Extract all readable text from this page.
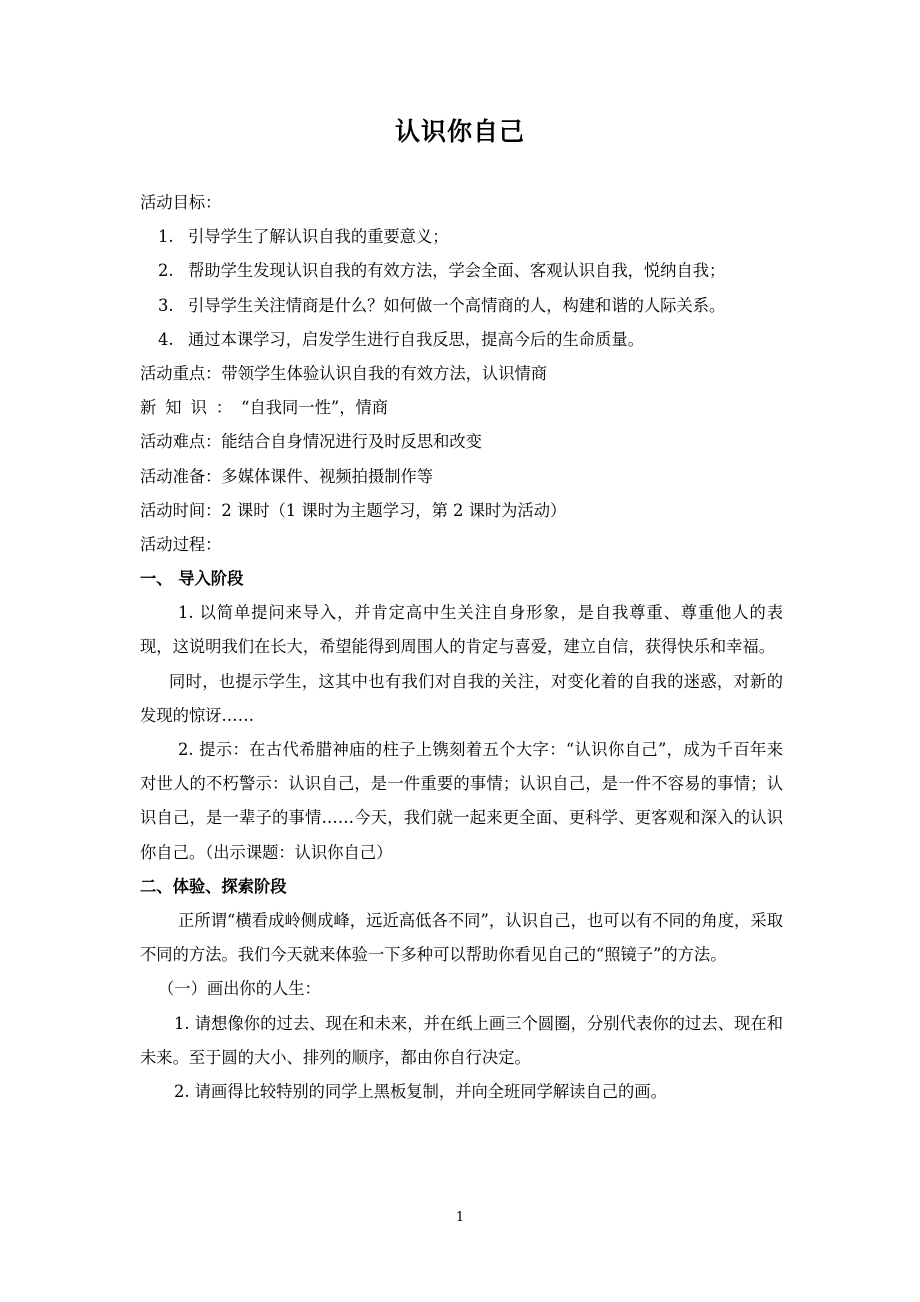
认识你自己
活动目标：
1. 引导学生了解认识自我的重要意义；
2. 帮助学生发现认识自我的有效方法，学会全面、客观认识自我，悦纳自我；
3. 引导学生关注情商是什么？如何做一个高情商的人，构建和谐的人际关系。
4. 通过本课学习，启发学生进行自我反思，提高今后的生命质量。
活动重点：带领学生体验认识自我的有效方法，认识情商
新知识：“自我同一性”，情商
活动难点：能结合自身情况进行及时反思和改变
活动准备：多媒体课件、视频拍摄制作等
活动时间：2 课时（1 课时为主题学习，第 2 课时为活动）
活动过程：
一、 导入阶段
1. 以简单提问来导入，并肯定高中生关注自身形象，是自我尊重、尊重他人的表现，这说明我们在长大，希望能得到周围人的肯定与喜爱，建立自信，获得快乐和幸福。
同时，也提示学生，这其中也有我们对自我的关注，对变化着的自我的迷惑，对新的发现的惊讶……
2. 提示：在古代希腊神庙的柱子上镌刻着五个大字：“认识你自己”，成为千百年来对世人的不朽警示：认识自己，是一件重要的事情；认识自己，是一件不容易的事情；认识自己，是一辈子的事情……今天，我们就一起来更全面、更科学、更客观和深入的认识你自己。（出示课题：认识你自己）
二、体验、探索阶段
正所谓“横看成岭侧成峰，远近高低各不同”，认识自己，也可以有不同的角度，采取不同的方法。我们今天就来体验一下多种可以帮助你看见自己的“照镜子”的方法。
（一）画出你的人生：
1. 请想像你的过去、现在和未来，并在纸上画三个圆圈，分别代表你的过去、现在和未来。至于圆的大小、排列的顺序，都由你自行决定。
2. 请画得比较特别的同学上黑板复制，并向全班同学解读自己的画。
1
